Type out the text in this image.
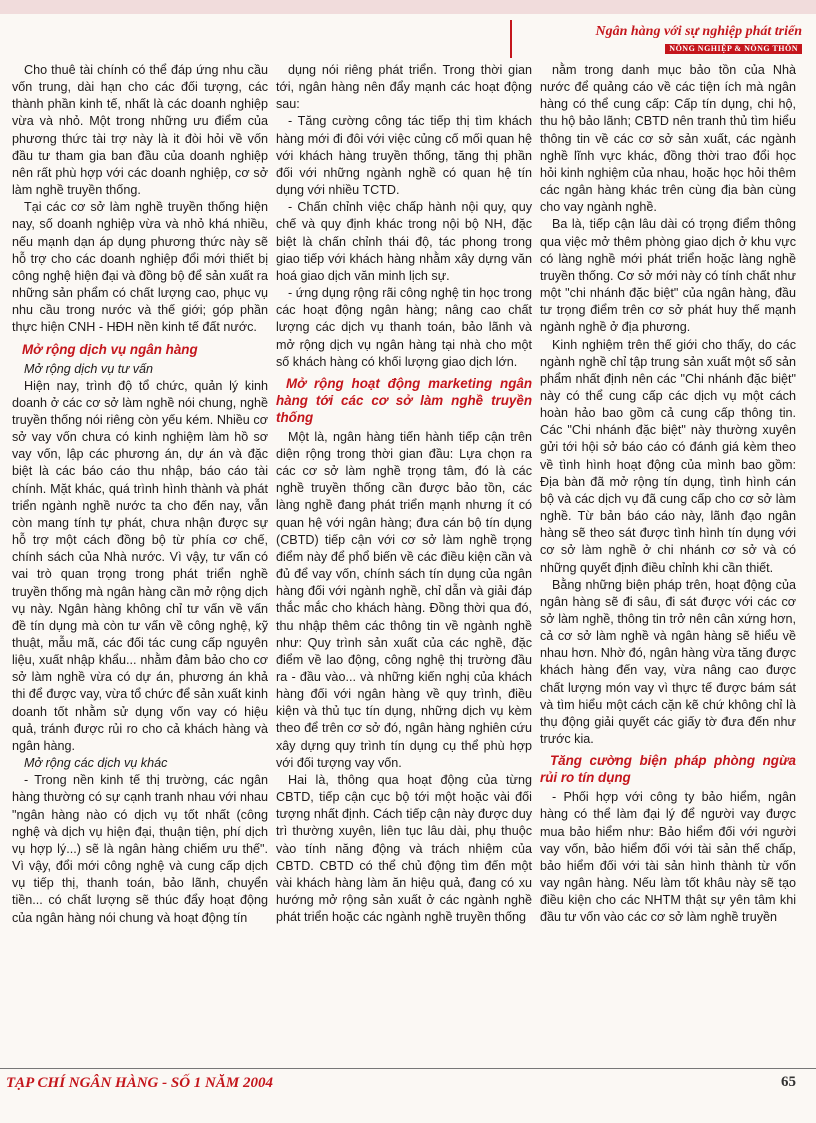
Ngân hàng với sự nghiệp phát triển
NÔNG NGHIỆP & NÔNG THÔN

Cho thuê tài chính có thể đáp ứng nhu cầu vốn trung, dài hạn cho các đối tượng, các thành phần kinh tế, nhất là các doanh nghiệp vừa và nhỏ. Một trong những ưu điểm của phương thức tài trợ này là it đòi hỏi về vốn đầu tư tham gia ban đầu của doanh nghiệp nên rất phù hợp với các doanh nghiệp, cơ sở làm nghề truyền thống.

Tại các cơ sở làm nghề truyền thống hiện nay, số doanh nghiệp vừa và nhỏ khá nhiều, nếu mạnh dạn áp dụng phương thức này sẽ hỗ trợ cho các doanh nghiệp đổi mới thiết bị công nghệ hiện đại và đồng bộ để sản xuất ra những sản phẩm có chất lượng cao, phục vụ nhu cầu trong nước và thế giới; góp phần thực hiện CNH - HĐH nền kinh tế đất nước.

Mở rộng dịch vụ ngân hàng

Mở rộng dịch vụ tư vấn

Hiện nay, trình độ tổ chức, quản lý kinh doanh ở các cơ sở làm nghề nói chung, nghề truyền thống nói riêng còn yếu kém. Nhiều cơ sở vay vốn chưa có kinh nghiệm làm hồ sơ vay vốn, lập các phương án, dự án và đặc biệt là các báo cáo thu nhập, báo cáo tài chính. Mặt khác, quá trình hình thành và phát triển ngành nghề nước ta cho đến nay, vẫn còn mang tính tự phát, chưa nhận được sự hỗ trợ một cách đồng bộ từ phía cơ chế, chính sách của Nhà nước. Vì vậy, tư vấn có vai trò quan trọng trong phát triển nghề truyền thống mà ngân hàng cần mở rộng dịch vụ này. Ngân hàng không chỉ tư vấn về vấn đề tín dụng mà còn tư vấn về công nghệ, kỹ thuật, mẫu mã, các đối tác cung cấp nguyên liệu, xuất nhập khẩu... nhằm đảm bảo cho cơ sở làm nghề vừa có dự án, phương án khả thi để được vay, vừa tổ chức để sản xuất kinh doanh tốt nhằm sử dụng vốn vay có hiệu quả, tránh được rủi ro cho cả khách hàng và ngân hàng.

Mở rộng các dịch vụ khác

- Trong nền kinh tế thị trường, các ngân hàng thường có sự cạnh tranh nhau với nhau "ngân hàng nào có dịch vụ tốt nhất (công nghệ và dịch vụ hiện đại, thuận tiện, phí dịch vụ hợp lý...) sẽ là ngân hàng chiếm ưu thế". Vì vậy, đổi mới công nghệ và cung cấp dịch vụ tiếp thị, thanh toán, bảo lãnh, chuyển tiền... có chất lượng sẽ thúc đẩy hoạt động của ngân hàng nói chung và hoạt động tín

dụng nói riêng phát triển. Trong thời gian tới, ngân hàng nên đẩy mạnh các hoạt động sau:

- Tăng cường công tác tiếp thị tìm khách hàng mới đi đôi với việc củng cố mối quan hệ với khách hàng truyền thống, tăng thị phần đối với những ngành nghề có quan hệ tín dụng với nhiều TCTD.

- Chấn chỉnh việc chấp hành nội quy, quy chế và quy định khác trong nội bộ NH, đặc biệt là chấn chỉnh thái độ, tác phong trong giao tiếp với khách hàng nhằm xây dựng văn hoá giao dịch văn minh lịch sự.

- ứng dụng rộng rãi công nghệ tin học trong các hoạt động ngân hàng; nâng cao chất lượng các dịch vụ thanh toán, bảo lãnh và mở rộng dịch vụ ngân hàng tại nhà cho một số khách hàng có khối lượng giao dịch lớn.

Mở rộng hoạt động marketing ngân hàng tới các cơ sở làm nghề truyền thống

Một là, ngân hàng tiến hành tiếp cận trên diện rộng trong thời gian đầu: Lựa chọn ra các cơ sở làm nghề trọng tâm, đó là các nghề truyền thống cần được bảo tồn, các làng nghề đang phát triển mạnh nhưng ít có quan hệ với ngân hàng; đưa cán bộ tín dụng (CBTD) tiếp cận với cơ sở làm nghề trọng điểm này để phổ biến về các điều kiện cần và đủ để vay vốn, chính sách tín dụng của ngân hàng đối với ngành nghề, chỉ dẫn và giải đáp thắc mắc cho khách hàng. Đồng thời qua đó, thu nhập thêm các thông tin về ngành nghề như: Quy trình sản xuất của các nghề, đặc điểm về lao động, công nghệ thị trường đầu ra - đầu vào... và những kiến nghị của khách hàng đối với ngân hàng về quy trình, điều kiện và thủ tục tín dụng, những dịch vụ kèm theo để trên cơ sở đó, ngân hàng nghiên cứu xây dựng quy trình tín dụng cụ thể phù hợp với đối tượng vay vốn.

Hai là, thông qua hoạt động của từng CBTD, tiếp cận cục bộ tới một hoặc vài đối tượng nhất định. Cách tiếp cận này được duy trì thường xuyên, liên tục lâu dài, phụ thuộc vào tính năng động và trách nhiệm của CBTD. CBTD có thể chủ động tìm đến một vài khách hàng làm ăn hiệu quả, đang có xu hướng mở rộng sản xuất ở các ngành nghề phát triển hoặc các ngành nghề truyền thống

nằm trong danh mục bảo tồn của Nhà nước để quảng cáo về các tiện ích mà ngân hàng có thể cung cấp: Cấp tín dụng, chi hộ, thu hộ bảo lãnh; CBTD nên tranh thủ tìm hiểu thông tin về các cơ sở sản xuất, các ngành nghề lĩnh vực khác, đồng thời trao đổi học hỏi kinh nghiệm của nhau, hoặc học hỏi thêm các ngân hàng khác trên cùng địa bàn cùng cho vay ngành nghề.

Ba là, tiếp cận lâu dài có trọng điểm thông qua việc mở thêm phòng giao dịch ở khu vực có làng nghề mới phát triển hoặc làng nghề truyền thống. Cơ sở mới này có tính chất như một "chi nhánh đặc biệt" của ngân hàng, đầu tư trọng điểm trên cơ sở phát huy thế mạnh ngành nghề ở địa phương.

Kinh nghiệm trên thế giới cho thấy, do các ngành nghề chỉ tập trung sản xuất một số sản phẩm nhất định nên các "Chi nhánh đặc biệt" này có thể cung cấp các dịch vụ một cách hoàn hảo bao gồm cả cung cấp thông tin. Các "Chi nhánh đặc biệt" này thường xuyên gửi tới hội sở báo cáo có đánh giá kèm theo về tình hình hoạt động của mình bao gồm: Địa bàn đã mở rộng tín dụng, tình hình cán bộ và các dịch vụ đã cung cấp cho cơ sở làm nghề. Từ bản báo cáo này, lãnh đạo ngân hàng sẽ theo sát được tình hình tín dụng với cơ sở làm nghề ở chi nhánh cơ sở và có những quyết định điều chỉnh khi cần thiết.

Bằng những biện pháp trên, hoạt động của ngân hàng sẽ đi sâu, đi sát được với các cơ sở làm nghề, thông tin trở nên cân xứng hơn, cả cơ sở làm nghề và ngân hàng sẽ hiểu về nhau hơn. Nhờ đó, ngân hàng vừa tăng được khách hàng đến vay, vừa nâng cao được chất lượng món vay vì thực tế được bám sát và tìm hiểu một cách cặn kẽ chứ không chỉ là thụ động giải quyết các giấy tờ đưa đến như trước kia.

Tăng cường biện pháp phòng ngừa rủi ro tín dụng

- Phối hợp với công ty bảo hiểm, ngân hàng có thể làm đại lý để người vay được mua bảo hiểm như: Bảo hiểm đối với người vay vốn, bảo hiểm đối với tài sản thế chấp, bảo hiểm đối với tài sản hình thành từ vốn vay ngân hàng. Nếu làm tốt khâu này sẽ tạo điều kiện cho các NHTM thật sự yên tâm khi đầu tư vốn vào các cơ sở làm nghề truyền

TẠP CHÍ NGÂN HÀNG - SỐ 1 NĂM 2004	65
